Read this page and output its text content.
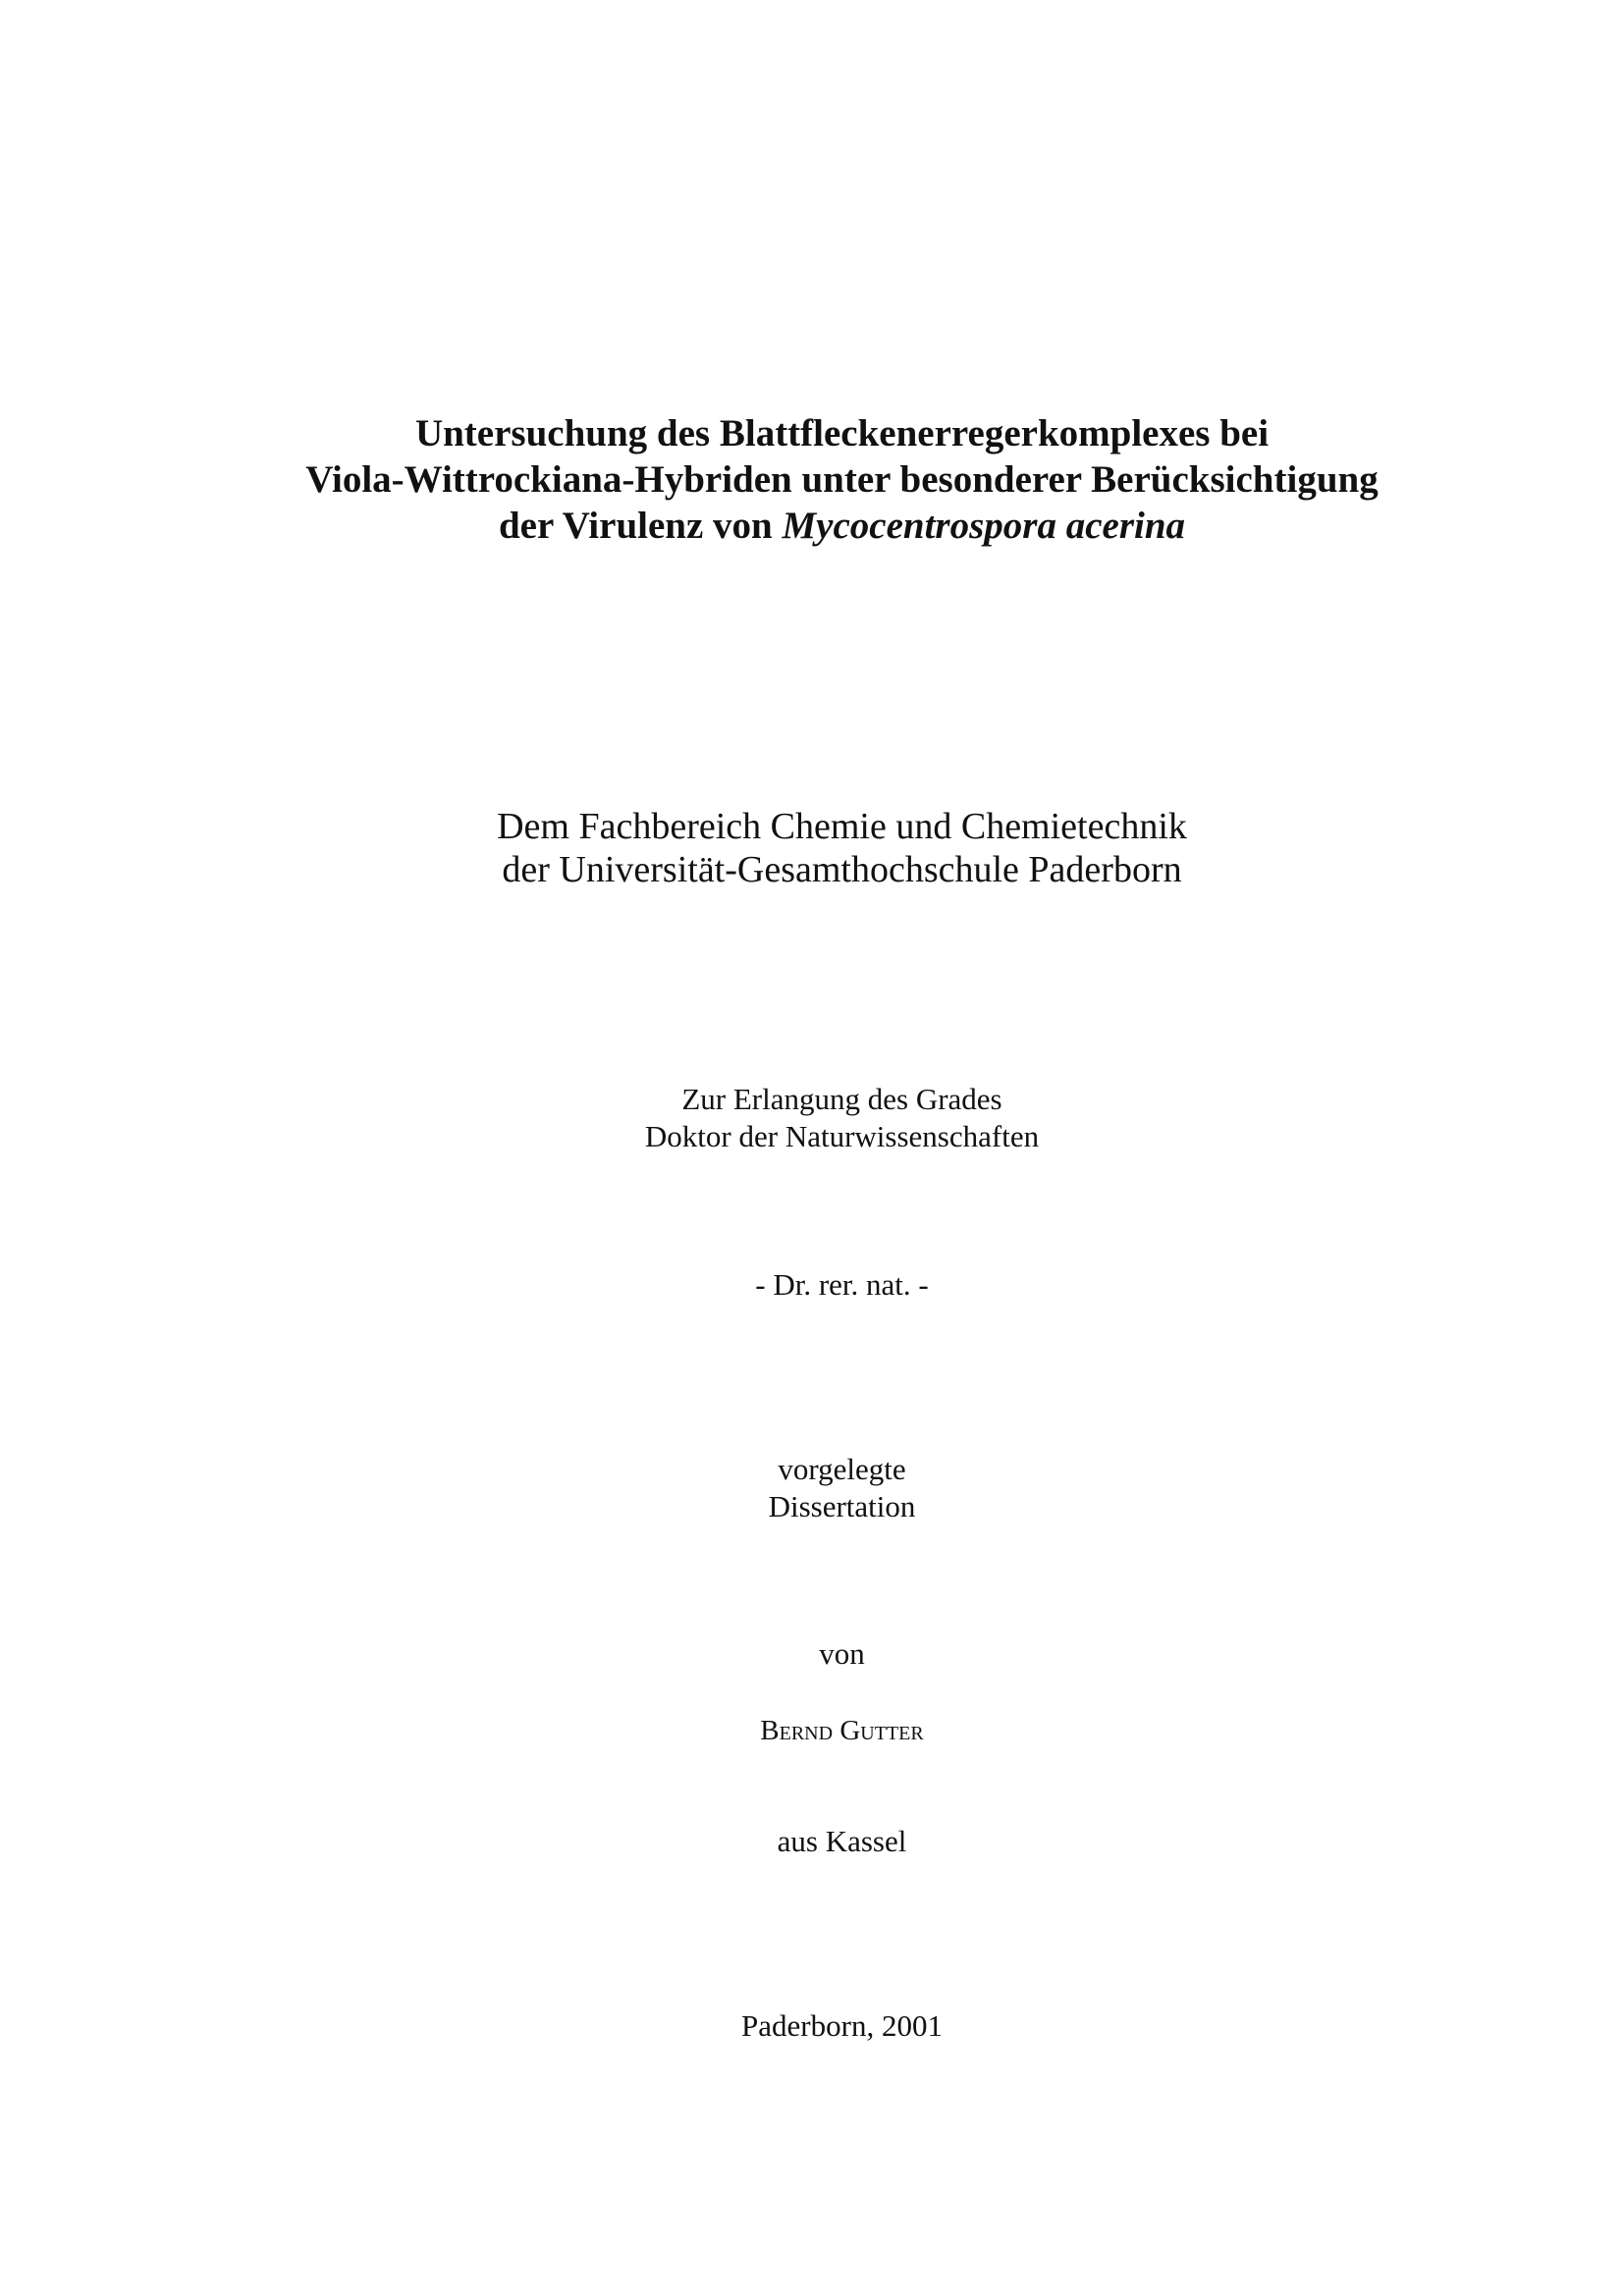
Untersuchung des Blattfleckenerregerkomplexes bei
Viola-Wittrockiana-Hybriden unter besonderer Berücksichtigung
der Virulenz von Mycocentrospora acerina
Dem Fachbereich Chemie und Chemietechnik
der Universität-Gesamthochschule Paderborn
Zur Erlangung des Grades
Doktor der Naturwissenschaften
- Dr. rer. nat. -
vorgelegte
Dissertation
von
Bernd Gutter
aus Kassel
Paderborn, 2001
